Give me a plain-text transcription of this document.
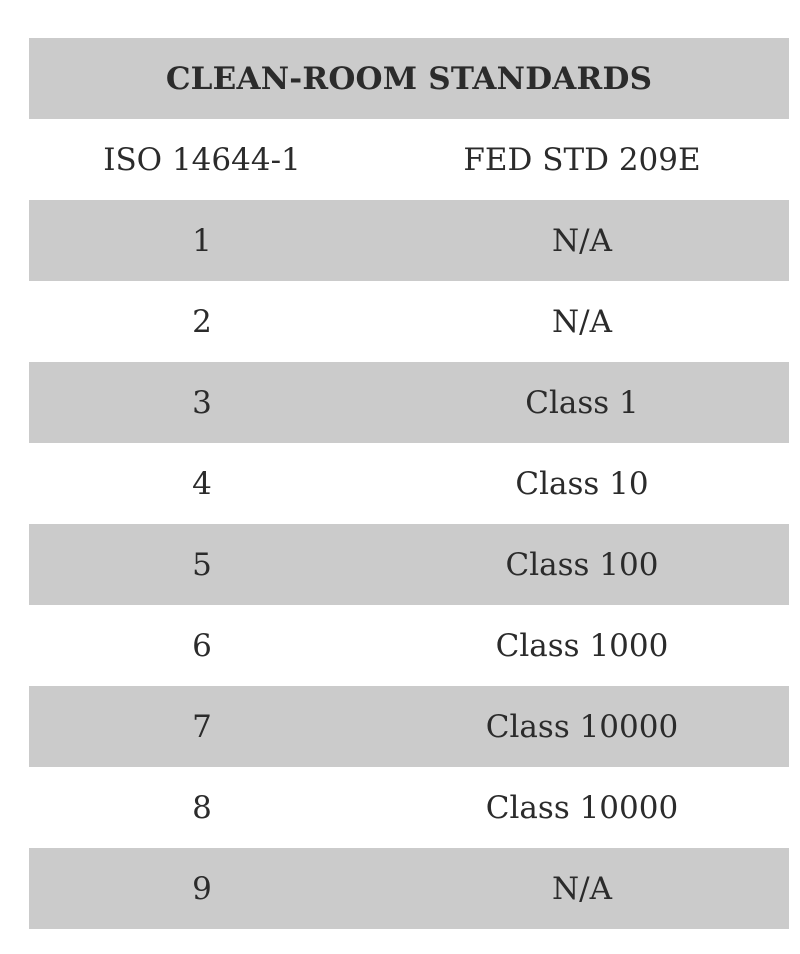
CLEAN-ROOM STANDARDS
ISO 14644-1	FED STD 209E
1	N/A
2	N/A
3	Class 1
4	Class 10
5	Class 100
6	Class 1000
7	Class 10000
8	Class 10000
9	N/A
